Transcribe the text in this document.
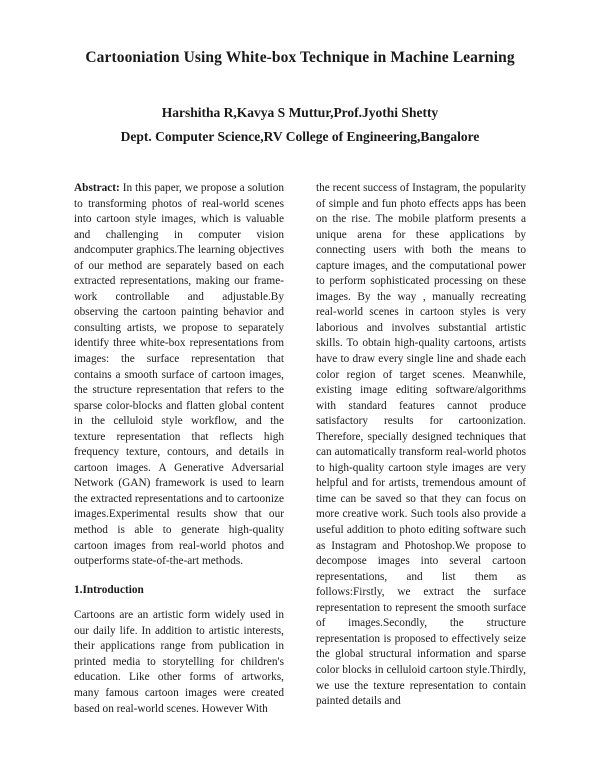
Cartooniation Using White-box Technique in Machine Learning
Harshitha R,Kavya S Muttur,Prof.Jyothi Shetty
Dept. Computer Science,RV College of Engineering,Bangalore

Abstract: In this paper, we propose a solution to transforming photos of real-world scenes into cartoon style images, which is valuable and challenging in computer vision andcomputer graphics.The learning objectives of our method are separately based on each extracted representations, making our frame-work controllable and adjustable.By observing the cartoon painting behavior and consulting artists, we propose to separately identify three white-box representations from images: the surface representation that contains a smooth surface of cartoon images, the structure representation that refers to the sparse color-blocks and flatten global content in the celluloid style workflow, and the texture representation that reflects high frequency texture, contours, and details in cartoon images. A Generative Adversarial Network (GAN) framework is used to learn the extracted representations and to cartoonize images.Experimental results show that our method is able to generate high-quality cartoon images from real-world photos and outperforms state-of-the-art methods.

1.Introduction

Cartoons are an artistic form widely used in our daily life. In addition to artistic interests, their applications range from publication in printed media to storytelling for children's education. Like other forms of artworks, many famous cartoon images were created based on real-world scenes. However With

the recent success of Instagram, the popularity of simple and fun photo effects apps has been on the rise. The mobile platform presents a unique arena for these applications by connecting users with both the means to capture images, and the computational power to perform sophisticated processing on these images. By the way , manually recreating real-world scenes in cartoon styles is very laborious and involves substantial artistic skills. To obtain high-quality cartoons, artists have to draw every single line and shade each color region of target scenes. Meanwhile, existing image editing software/algorithms with standard features cannot produce satisfactory results for cartoonization. Therefore, specially designed techniques that can automatically transform real-world photos to high-quality cartoon style images are very helpful and for artists, tremendous amount of time can be saved so that they can focus on more creative work. Such tools also provide a useful addition to photo editing software such as Instagram and Photoshop.We propose to decompose images into several cartoon representations, and list them as follows:Firstly, we extract the surface representation to represent the smooth surface of images.Secondly, the structure representation is proposed to effectively seize the global structural information and sparse color blocks in celluloid cartoon style.Thirdly, we use the texture representation to contain painted details and
